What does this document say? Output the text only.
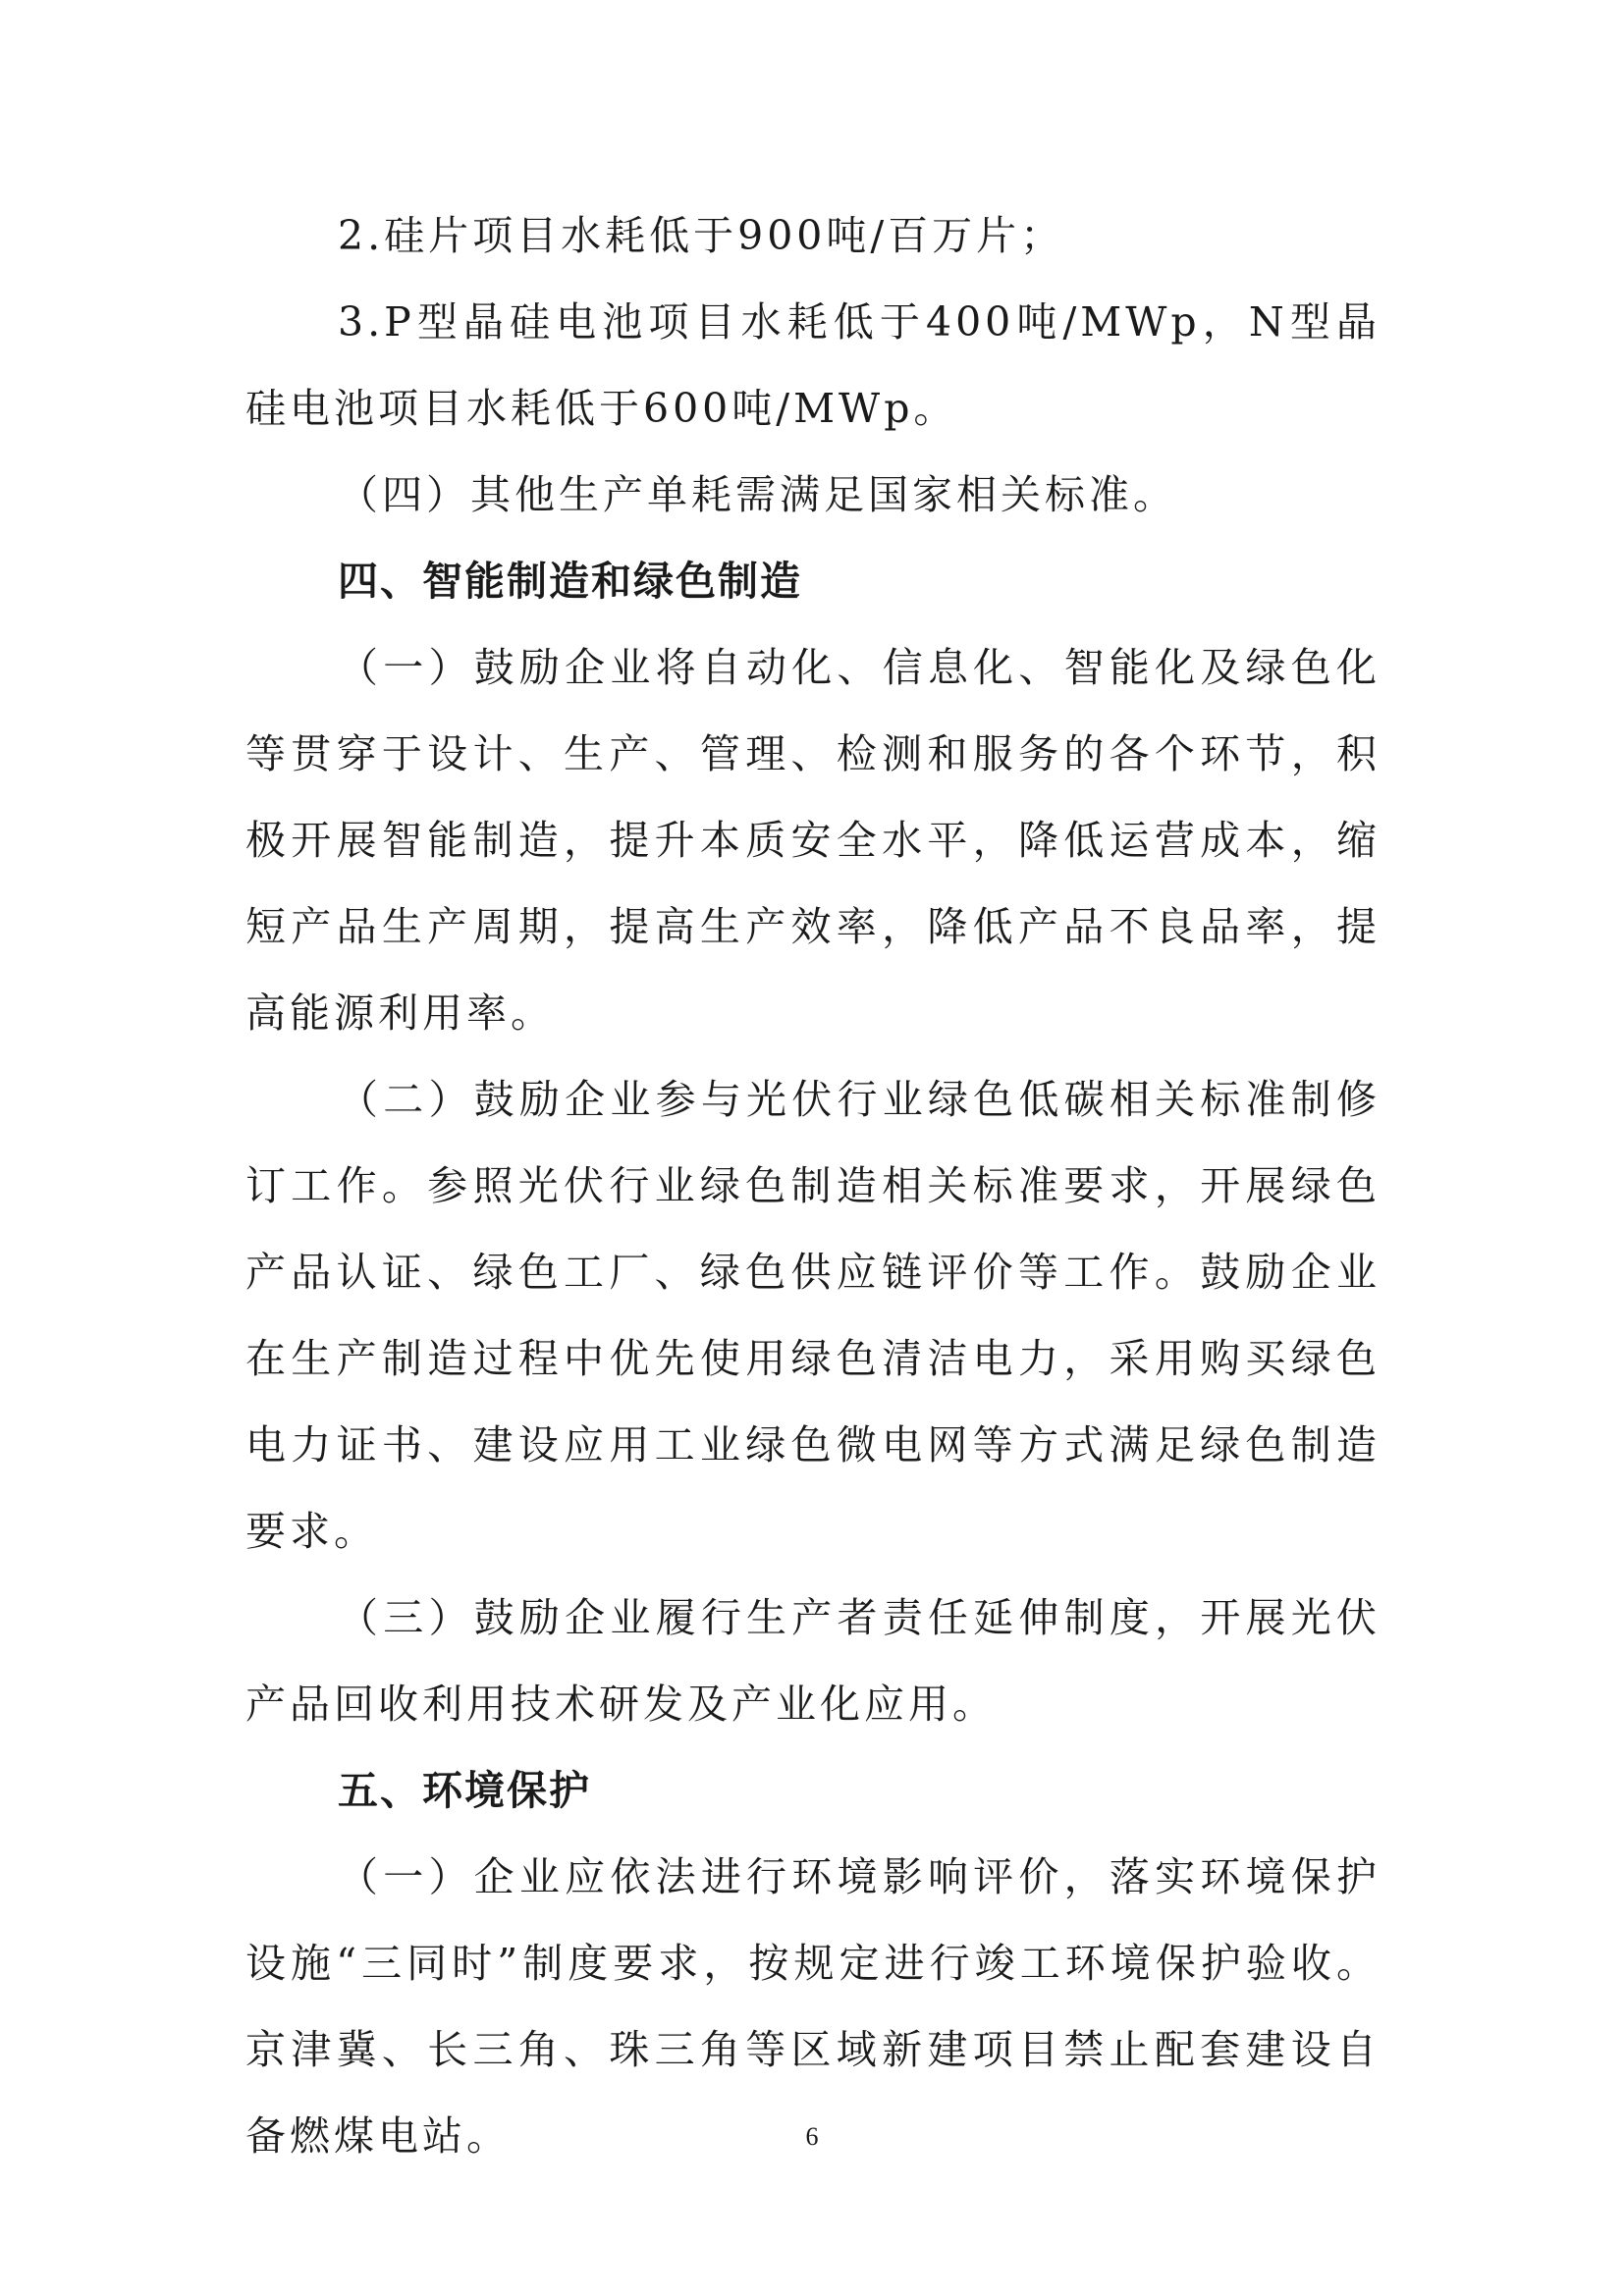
2.硅片项目水耗低于900吨/百万片；

3.P型晶硅电池项目水耗低于400吨/MWp，N型晶硅电池项目水耗低于600吨/MWp。

（四）其他生产单耗需满足国家相关标准。

四、智能制造和绿色制造

（一）鼓励企业将自动化、信息化、智能化及绿色化等贯穿于设计、生产、管理、检测和服务的各个环节，积极开展智能制造，提升本质安全水平，降低运营成本，缩短产品生产周期，提高生产效率，降低产品不良品率，提高能源利用率。

（二）鼓励企业参与光伏行业绿色低碳相关标准制修订工作。参照光伏行业绿色制造相关标准要求，开展绿色产品认证、绿色工厂、绿色供应链评价等工作。鼓励企业在生产制造过程中优先使用绿色清洁电力，采用购买绿色电力证书、建设应用工业绿色微电网等方式满足绿色制造要求。

（三）鼓励企业履行生产者责任延伸制度，开展光伏产品回收利用技术研发及产业化应用。

五、环境保护

（一）企业应依法进行环境影响评价，落实环境保护设施“三同时”制度要求，按规定进行竣工环境保护验收。京津冀、长三角、珠三角等区域新建项目禁止配套建设自备燃煤电站。	6
